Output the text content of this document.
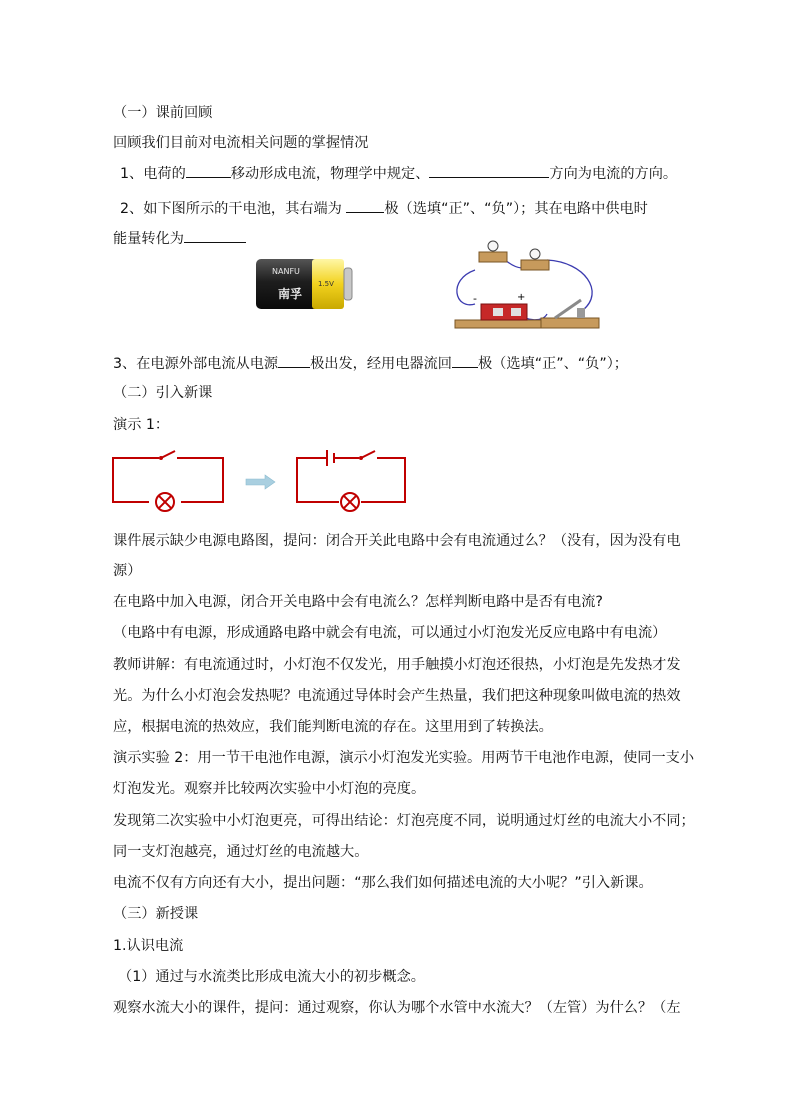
（一）课前回顾
回顾我们目前对电流相关问题的掌握情况
1、电荷的	移动形成电流，物理学中规定、	方向为电流的方向。
2、如下图所示的干电池，其右端为	极（选填“正”、“负”）；其在电路中供电时
能量转化为
NANFU
南孚
1.5V
-	+
3、在电源外部电流从电源 极出发，经用电器流回 极（选填“正”、“负”）；
（二）引入新课
演示 1：
课件展示缺少电源电路图，提问：闭合开关此电路中会有电流通过么？（没有，因为没有电
源）
在电路中加入电源，闭合开关电路中会有电流么？怎样判断电路中是否有电流?
（电路中有电源，形成通路电路中就会有电流，可以通过小灯泡发光反应电路中有电流）
教师讲解：有电流通过时，小灯泡不仅发光，用手触摸小灯泡还很热，小灯泡是先发热才发
光。为什么小灯泡会发热呢？电流通过导体时会产生热量，我们把这种现象叫做电流的热效
应，根据电流的热效应，我们能判断电流的存在。这里用到了转换法。
演示实验 2：用一节干电池作电源，演示小灯泡发光实验。用两节干电池作电源，使同一支小
灯泡发光。观察并比较两次实验中小灯泡的亮度。
发现第二次实验中小灯泡更亮，可得出结论：灯泡亮度不同，说明通过灯丝的电流大小不同；
同一支灯泡越亮，通过灯丝的电流越大。
电流不仅有方向还有大小，提出问题：“那么我们如何描述电流的大小呢？”引入新课。
（三）新授课
1.认识电流
（1）通过与水流类比形成电流大小的初步概念。
观察水流大小的课件，提问：通过观察，你认为哪个水管中水流大？（左管）为什么？（左
